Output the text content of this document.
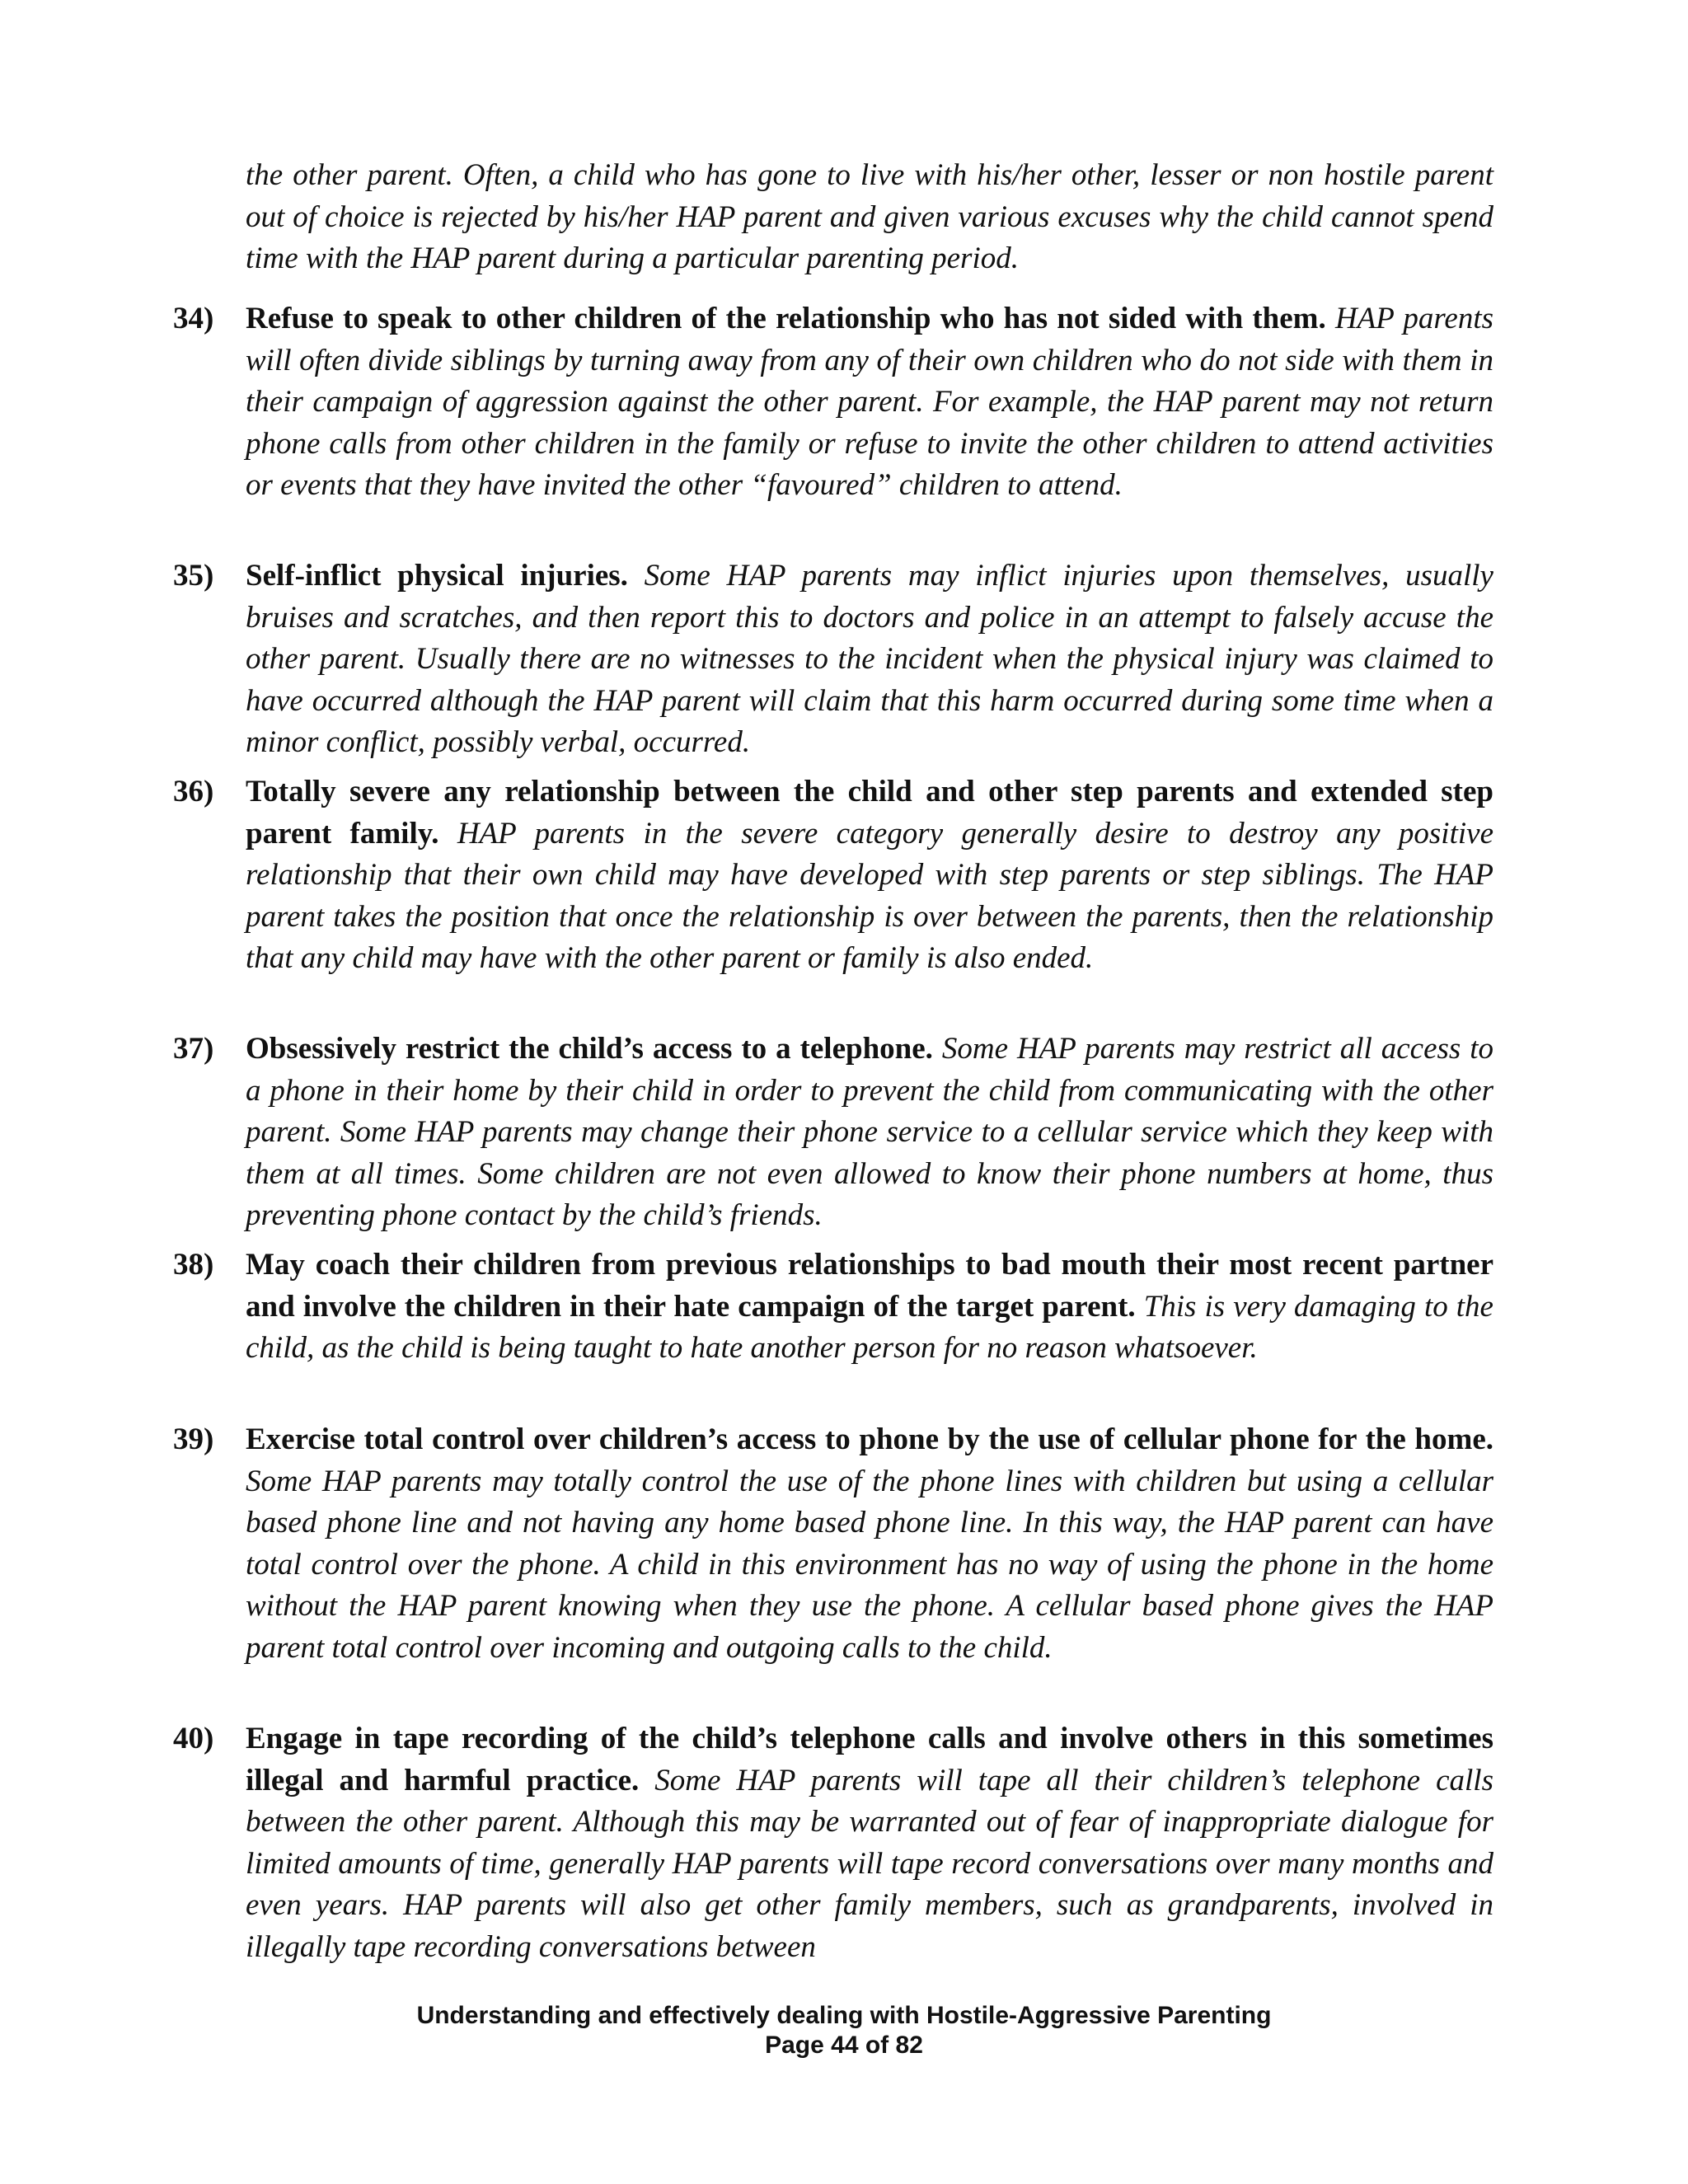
the other parent. Often, a child who has gone to live with his/her other, lesser or non hostile parent out of choice is rejected by his/her HAP parent and given various excuses why the child cannot spend time with the HAP parent during a particular parenting period.
34) Refuse to speak to other children of the relationship who has not sided with them. HAP parents will often divide siblings by turning away from any of their own children who do not side with them in their campaign of aggression against the other parent. For example, the HAP parent may not return phone calls from other children in the family or refuse to invite the other children to attend activities or events that they have invited the other “favoured” children to attend.
35) Self-inflict physical injuries. Some HAP parents may inflict injuries upon themselves, usually bruises and scratches, and then report this to doctors and police in an attempt to falsely accuse the other parent. Usually there are no witnesses to the incident when the physical injury was claimed to have occurred although the HAP parent will claim that this harm occurred during some time when a minor conflict, possibly verbal, occurred.
36) Totally severe any relationship between the child and other step parents and extended step parent family. HAP parents in the severe category generally desire to destroy any positive relationship that their own child may have developed with step parents or step siblings. The HAP parent takes the position that once the relationship is over between the parents, then the relationship that any child may have with the other parent or family is also ended.
37) Obsessively restrict the child’s access to a telephone. Some HAP parents may restrict all access to a phone in their home by their child in order to prevent the child from communicating with the other parent. Some HAP parents may change their phone service to a cellular service which they keep with them at all times. Some children are not even allowed to know their phone numbers at home, thus preventing phone contact by the child’s friends.
38) May coach their children from previous relationships to bad mouth their most recent partner and involve the children in their hate campaign of the target parent. This is very damaging to the child, as the child is being taught to hate another person for no reason whatsoever.
39) Exercise total control over children’s access to phone by the use of cellular phone for the home. Some HAP parents may totally control the use of the phone lines with children but using a cellular based phone line and not having any home based phone line. In this way, the HAP parent can have total control over the phone. A child in this environment has no way of using the phone in the home without the HAP parent knowing when they use the phone. A cellular based phone gives the HAP parent total control over incoming and outgoing calls to the child.
40) Engage in tape recording of the child’s telephone calls and involve others in this sometimes illegal and harmful practice. Some HAP parents will tape all their children’s telephone calls between the other parent. Although this may be warranted out of fear of inappropriate dialogue for limited amounts of time, generally HAP parents will tape record conversations over many months and even years. HAP parents will also get other family members, such as grandparents, involved in illegally tape recording conversations between
Understanding and effectively dealing with Hostile-Aggressive Parenting
Page 44 of 82
